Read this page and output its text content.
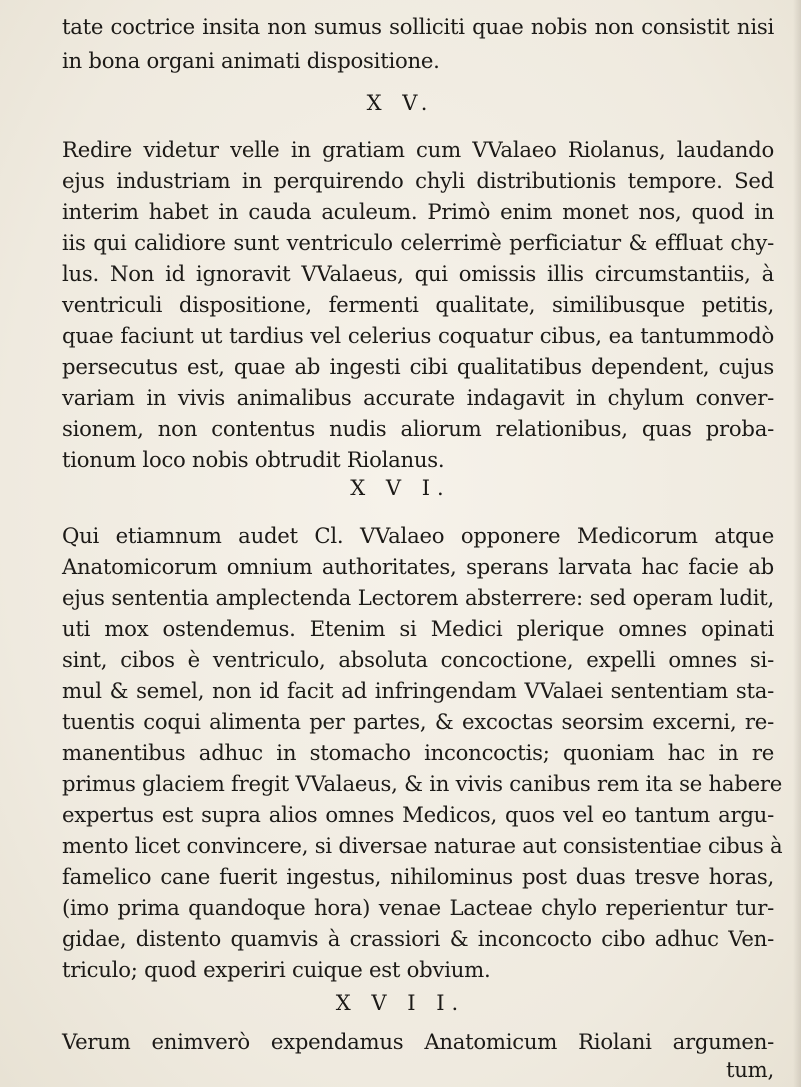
tate coctrice insita non sumus solliciti quae nobis non consistit nisi
in bona organi animati dispositione.
X V.
Redire videtur velle in gratiam cum VValaeo Riolanus, laudando
ejus industriam in perquirendo chyli distributionis tempore. Sed
interim habet in cauda aculeum. Primò enim monet nos, quod in
iis qui calidiore sunt ventriculo celerrimè perficiatur & effluat chy-
lus. Non id ignoravit VValaeus, qui omissis illis circumstantiis, à
ventriculi dispositione, fermenti qualitate, similibusque petitis,
quae faciunt ut tardius vel celerius coquatur cibus, ea tantummodò
persecutus est, quae ab ingesti cibi qualitatibus dependent, cujus
variam in vivis animalibus accurate indagavit in chylum conver-
sionem, non contentus nudis aliorum relationibus, quas proba-
tionum loco nobis obtrudit Riolanus.
X V I.
Qui etiamnum audet Cl. VValaeo opponere Medicorum atque
Anatomicorum omnium authoritates, sperans larvata hac facie ab
ejus sententia amplectenda Lectorem absterrere: sed operam ludit,
uti mox ostendemus. Etenim si Medici plerique omnes opinati
sint, cibos è ventriculo, absoluta concoctione, expelli omnes si-
mul & semel, non id facit ad infringendam VValaei sententiam sta-
tuentis coqui alimenta per partes, & excoctas seorsim excerni, re-
manentibus adhuc in stomacho inconcoctis; quoniam hac in re
primus glaciem fregit VValaeus, & in vivis canibus rem ita se habere
expertus est supra alios omnes Medicos, quos vel eo tantum argu-
mento licet convincere, si diversae naturae aut consistentiae cibus à
famelico cane fuerit ingestus, nihilominus post duas tresve horas,
(imo prima quandoque hora) venae Lacteae chylo reperientur tur-
gidae, distento quamvis à crassiori & inconcocto cibo adhuc Ven-
triculo; quod experiri cuique est obvium.
X V I I.
Verum enimverò expendamus Anatomicum Riolani argumen-
tum,
